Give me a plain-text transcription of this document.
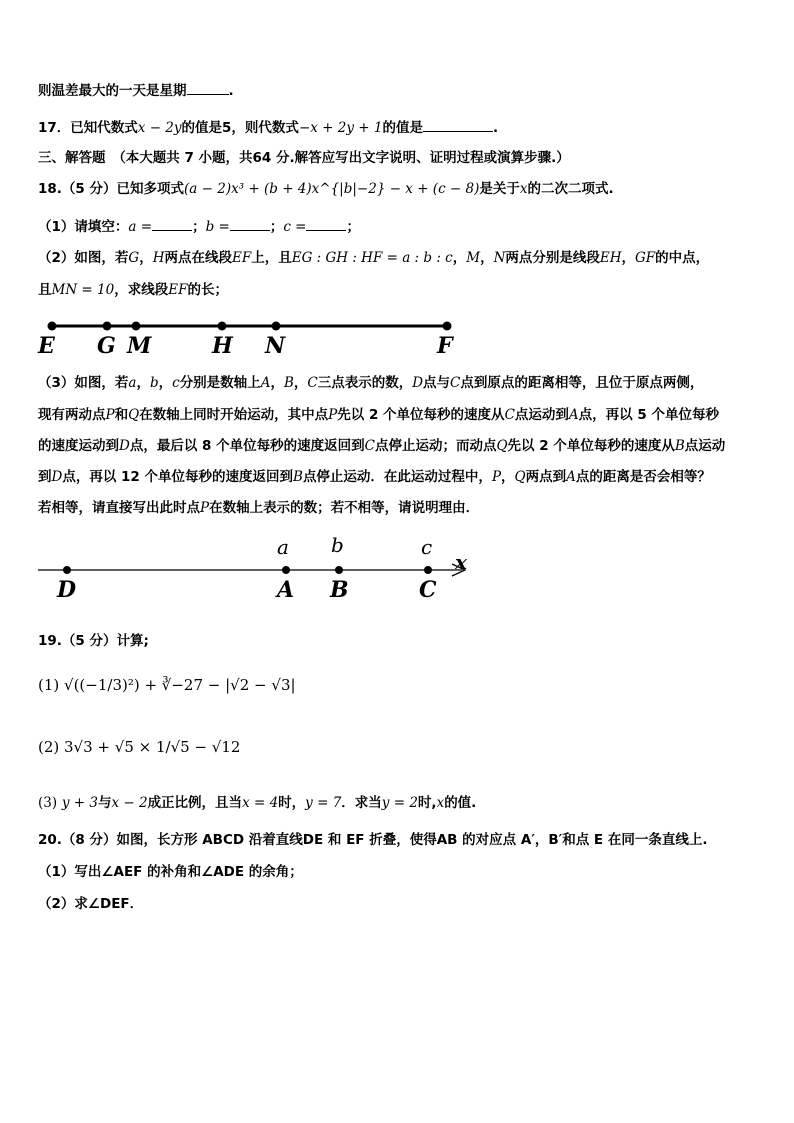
则温差最大的一天是星期	.
17．已知代数式x − 2y的值是5，则代数式−x + 2y + 1的值是	.
三、解答题　（本大题共 7 小题，共64 分.解答应写出文字说明、证明过程或演算步骤.）
18.（5 分）已知多项式(a − 2)x³ + (b + 4)x^{|b|−2} − x + (c − 8)是关于x的二次二项式.
（1）请填空：a =	；b =	；c =	；
（2）如图，若G，H两点在线段EF上，且EG : GH : HF = a : b : c，M，N两点分别是线段EH，GF的中点，
且MN = 10，求线段EF的长；
E G M	H N	F
（3）如图，若a，b，c分别是数轴上A，B，C三点表示的数，D点与C点到原点的距离相等，且位于原点两侧，
现有两动点P和Q在数轴上同时开始运动，其中点P先以 2 个单位每秒的速度从C点运动到A点，再以 5 个单位每秒
的速度运动到D点，最后以 8 个单位每秒的速度返回到C点停止运动；而动点Q先以 2 个单位每秒的速度从B点运动
到D点，再以 12 个单位每秒的速度返回到B点停止运动．在此运动过程中，P，Q两点到A点的距离是否会相等？
若相等，请直接写出此时点P在数轴上表示的数；若不相等，请说明理由．
a b	c
x
D	A B	C
19.（5 分）计算;
(1) √((−1/3)²) + ∛−27 − |√2 − √3|
(2) 3√3 + √5 × 1/√5 − √12
(3) y + 3与x − 2成正比例，且当x = 4时，y = 7．求当y = 2时,x的值.
20.（8 分）如图，长方形 ABCD 沿着直线DE 和 EF 折叠，使得AB 的对应点 A′，B′和点 E 在同一条直线上.
（1）写出∠AEF 的补角和∠ADE 的余角；
（2）求∠DEF．
